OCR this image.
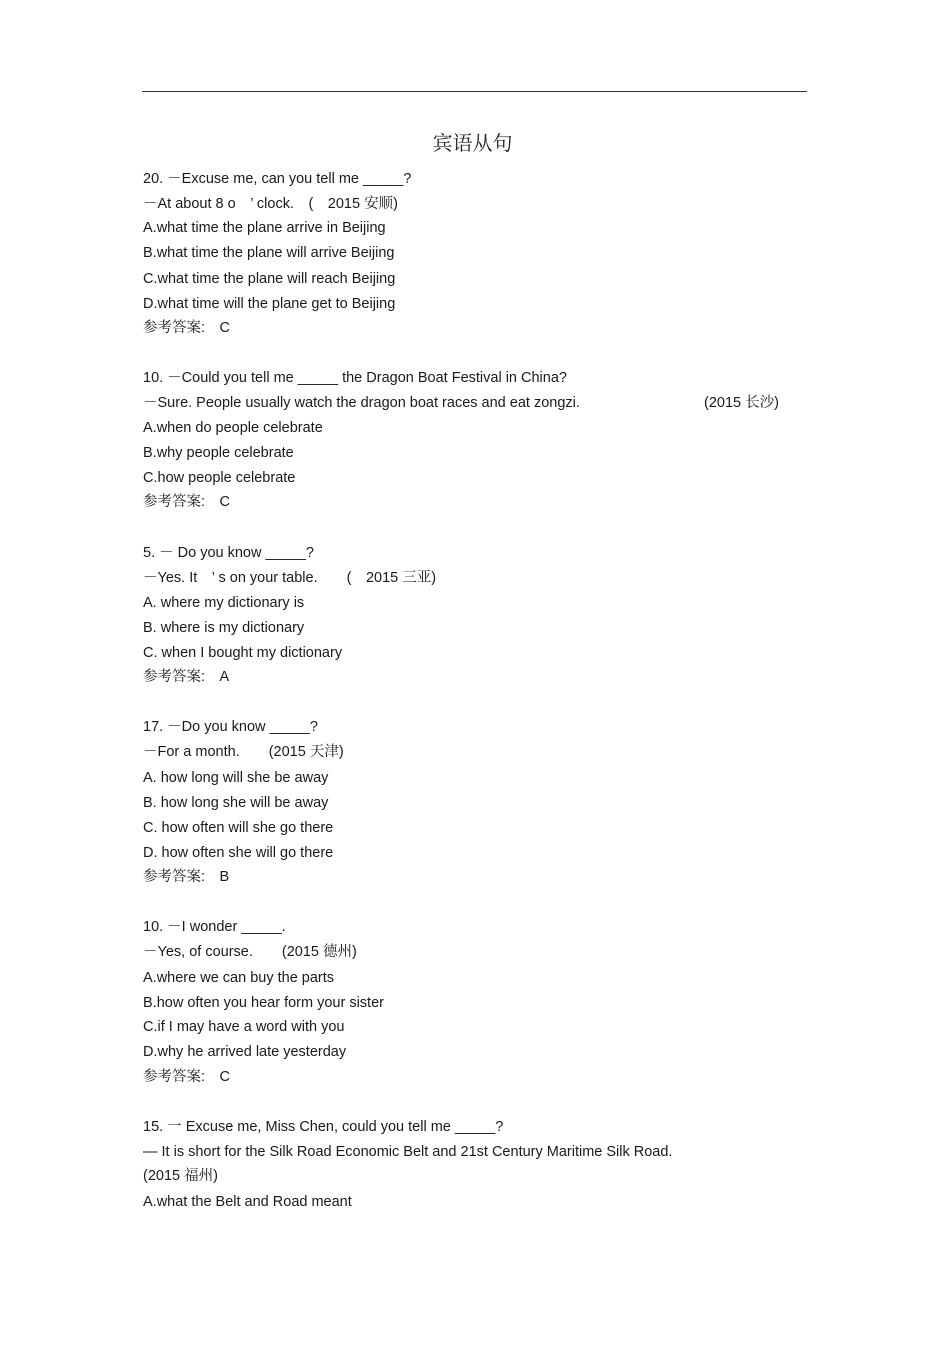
宾语从句
20. －Excuse me, can you tell me _____?
－At about 8 o　’ clock.　(　2015 安顺)
A.what time the plane arrive in Beijing
B.what time the plane will arrive Beijing
C.what time the plane will reach Beijing
D.what time will the plane get to Beijing
参考答案:　C
10. －Could you tell me _____ the Dragon Boat Festival in China?
－Sure. People usually watch the dragon boat races and eat zongzi.	(2015 长沙)
A.when do people celebrate
B.why people celebrate
C.how people celebrate
参考答案:　C
5. － Do you know _____?
－Yes. It　’ s on your table.　　(　2015 三亚)
A. where my dictionary is
B. where is my dictionary
C. when I bought my dictionary
参考答案:　A
17. －Do you know _____?
－For a month.　　(2015 天津)
A. how long will she be away
B. how long she will be away
C. how often will she go there
D. how often she will go there
参考答案:　B
10. －I wonder _____.
－Yes, of course.　　(2015 德州)
A.where we can buy the parts
B.how often you hear form your sister
C.if I may have a word with you
D.why he arrived late yesterday
参考答案:　C
15. 一 Excuse me, Miss Chen, could you tell me _____?
— It is short for the Silk Road Economic Belt and 21st Century Maritime Silk Road.
(2015 福州)
A.what the Belt and Road meant
